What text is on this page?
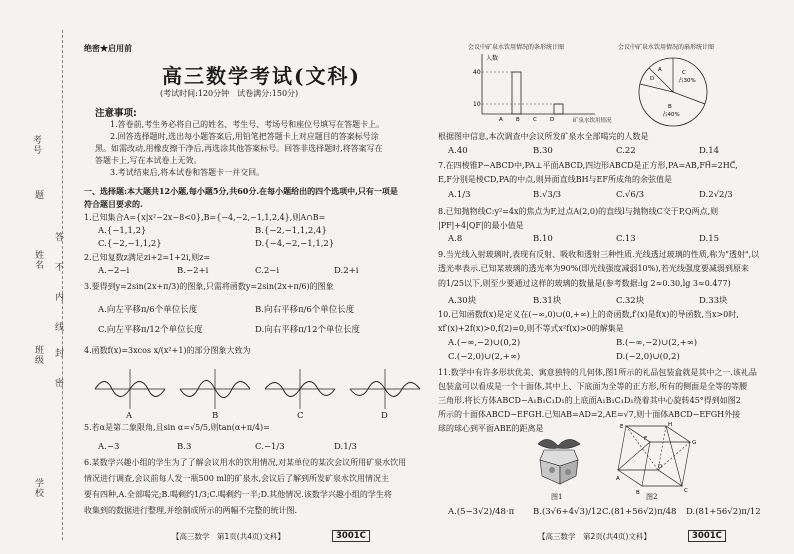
考号
题
姓名
答
不
内
线
班级 封
密
学校
绝密★启用前
高三数学考试(文科)
(考试时间:120分钟　试卷满分:150分)
注意事项:
1.答卷前,考生务必将自己的姓名、考生号、考场号和座位号填写在答题卡上。
2.回答选择题时,选出每小题答案后,用铅笔把答题卡上对应题目的答案标号涂
黑。如需改动,用橡皮擦干净后,再选涂其他答案标号。回答非选择题时,将答案写在
答题卡上,写在本试卷上无效。
3.考试结束后,将本试卷和答题卡一并交回。
一、选择题:本大题共12小题,每小题5分,共60分.在每小题给出的四个选项中,只有一项是
符合题目要求的.
1.已知集合A={x|x²−2x−8<0},B={−4,−2,−1,1,2,4},则A∩B=
A.{−1,1,2}	B.{−2,−1,1,2,4}
C.{−2,−1,1,2}	D.{−4,−2,−1,1,2}
2.已知复数z满足zi+2=1+2i,则z=
A.−2−i	B.−2+i	C.2−i	D.2+i
3.要得到y=2sin(2x+π/3)的图象,只需将函数y=2sin(2x+π/6)的图象
A.向左平移π/6个单位长度	B.向右平移π/6个单位长度
C.向左平移π/12个单位长度	D.向右平移π/12个单位长度
4.函数f(x)=3xcos x/(x²+1)的部分图象大致为
A	B	C	D
5.若α是第二象限角,且sin α=√5/5,则tan(α+π/4)=
A.−3	B.3	C.−1/3	D.1/3
6.某数学兴趣小组的学生为了了解会议用水的饮用情况,对某单位的某次会议所用矿泉水饮用
情况进行调查,会议前每人发一瓶500 ml的矿泉水,会议后了解到所发矿泉水饮用情况主
要有四种,A.全部喝完;B.喝剩约1/3;C.喝剩约一半;D.其他情况.该数学兴趣小组的学生将
收集到的数据进行整理,并绘制成所示的两幅不完整的统计图.
【高三数学　第1页(共4页)文科】	3001C
会议中矿泉水饮用情况的条形统计图
人数
40
10
A B C D	矿泉水饮用情况
会议中矿泉水饮用情况的扇形统计图
C
占30%
B
占40%
D
A
根据图中信息,本次调查中会议所发矿泉水全部喝完的人数是
A.40	B.30	C.22	D.14
7.在四棱锥P−ABCD中,PA⊥平面ABCD,四边形ABCD是正方形,PA=AB,FH⃗=2HC⃗,
E,F分别是棱CD,PA的中点,则异面直线BH与EF所成角的余弦值是
A.1/3	B.√3/3	C.√6/3	D.2√2/3
8.已知抛物线C:y²=4x的焦点为F,过点A(2,0)的直线l与抛物线C交于P,Q两点,则
|PF|+4|QF|的最小值是
A.8	B.10	C.13	D.15
9.当光线入射玻璃时,表现有反射、吸收和透射三种性质.光线透过玻璃的性质,称为"透射",以
透光率表示.已知某玻璃的透光率为90%(即光线强度减弱10%),若光线强度要减弱到原来
的1/25以下,则至少要通过这样的玻璃的数量是(参考数据:lg 2≈0.30,lg 3≈0.477)
A.30块	B.31块	C.32块	D.33块
10.已知函数f(x)是定义在(−∞,0)∪(0,+∞)上的奇函数,f′(x)是f(x)的导函数,当x>0时,
xf′(x)+2f(x)>0,f(2)=0,则不等式x²f(x)>0的解集是
A.(−∞,−2)∪(0,2)	B.(−∞,−2)∪(2,+∞)
C.(−2,0)∪(2,+∞)	D.(−2,0)∪(0,2)
11.数学中有许多形状优美、寓意独特的几何体,图1所示的礼品包装盒就是其中之一.该礼品
包装盒可以看成是一个十面体,其中上、下底面为全等的正方形,所有的侧面是全等的等腰
三角形.将长方体ABCD−A₁B₁C₁D₁的上底面A₁B₁C₁D₁绕着其中心旋转45°得到如图2
所示的十面体ABCD−EFGH.已知AB=AD=2,AE=√7,则十面体ABCD−EFGH外接
球的球心到平面ABE的距离是
图1
A
D
B	C
E	H
G
F
图2
A.(5−3√2)/48·π B.(3√6+4√3)/12 C.(81+56√2)π/48 D.(81+56√2)π/12
【高三数学　第2页(共4页)文科】	3001C
